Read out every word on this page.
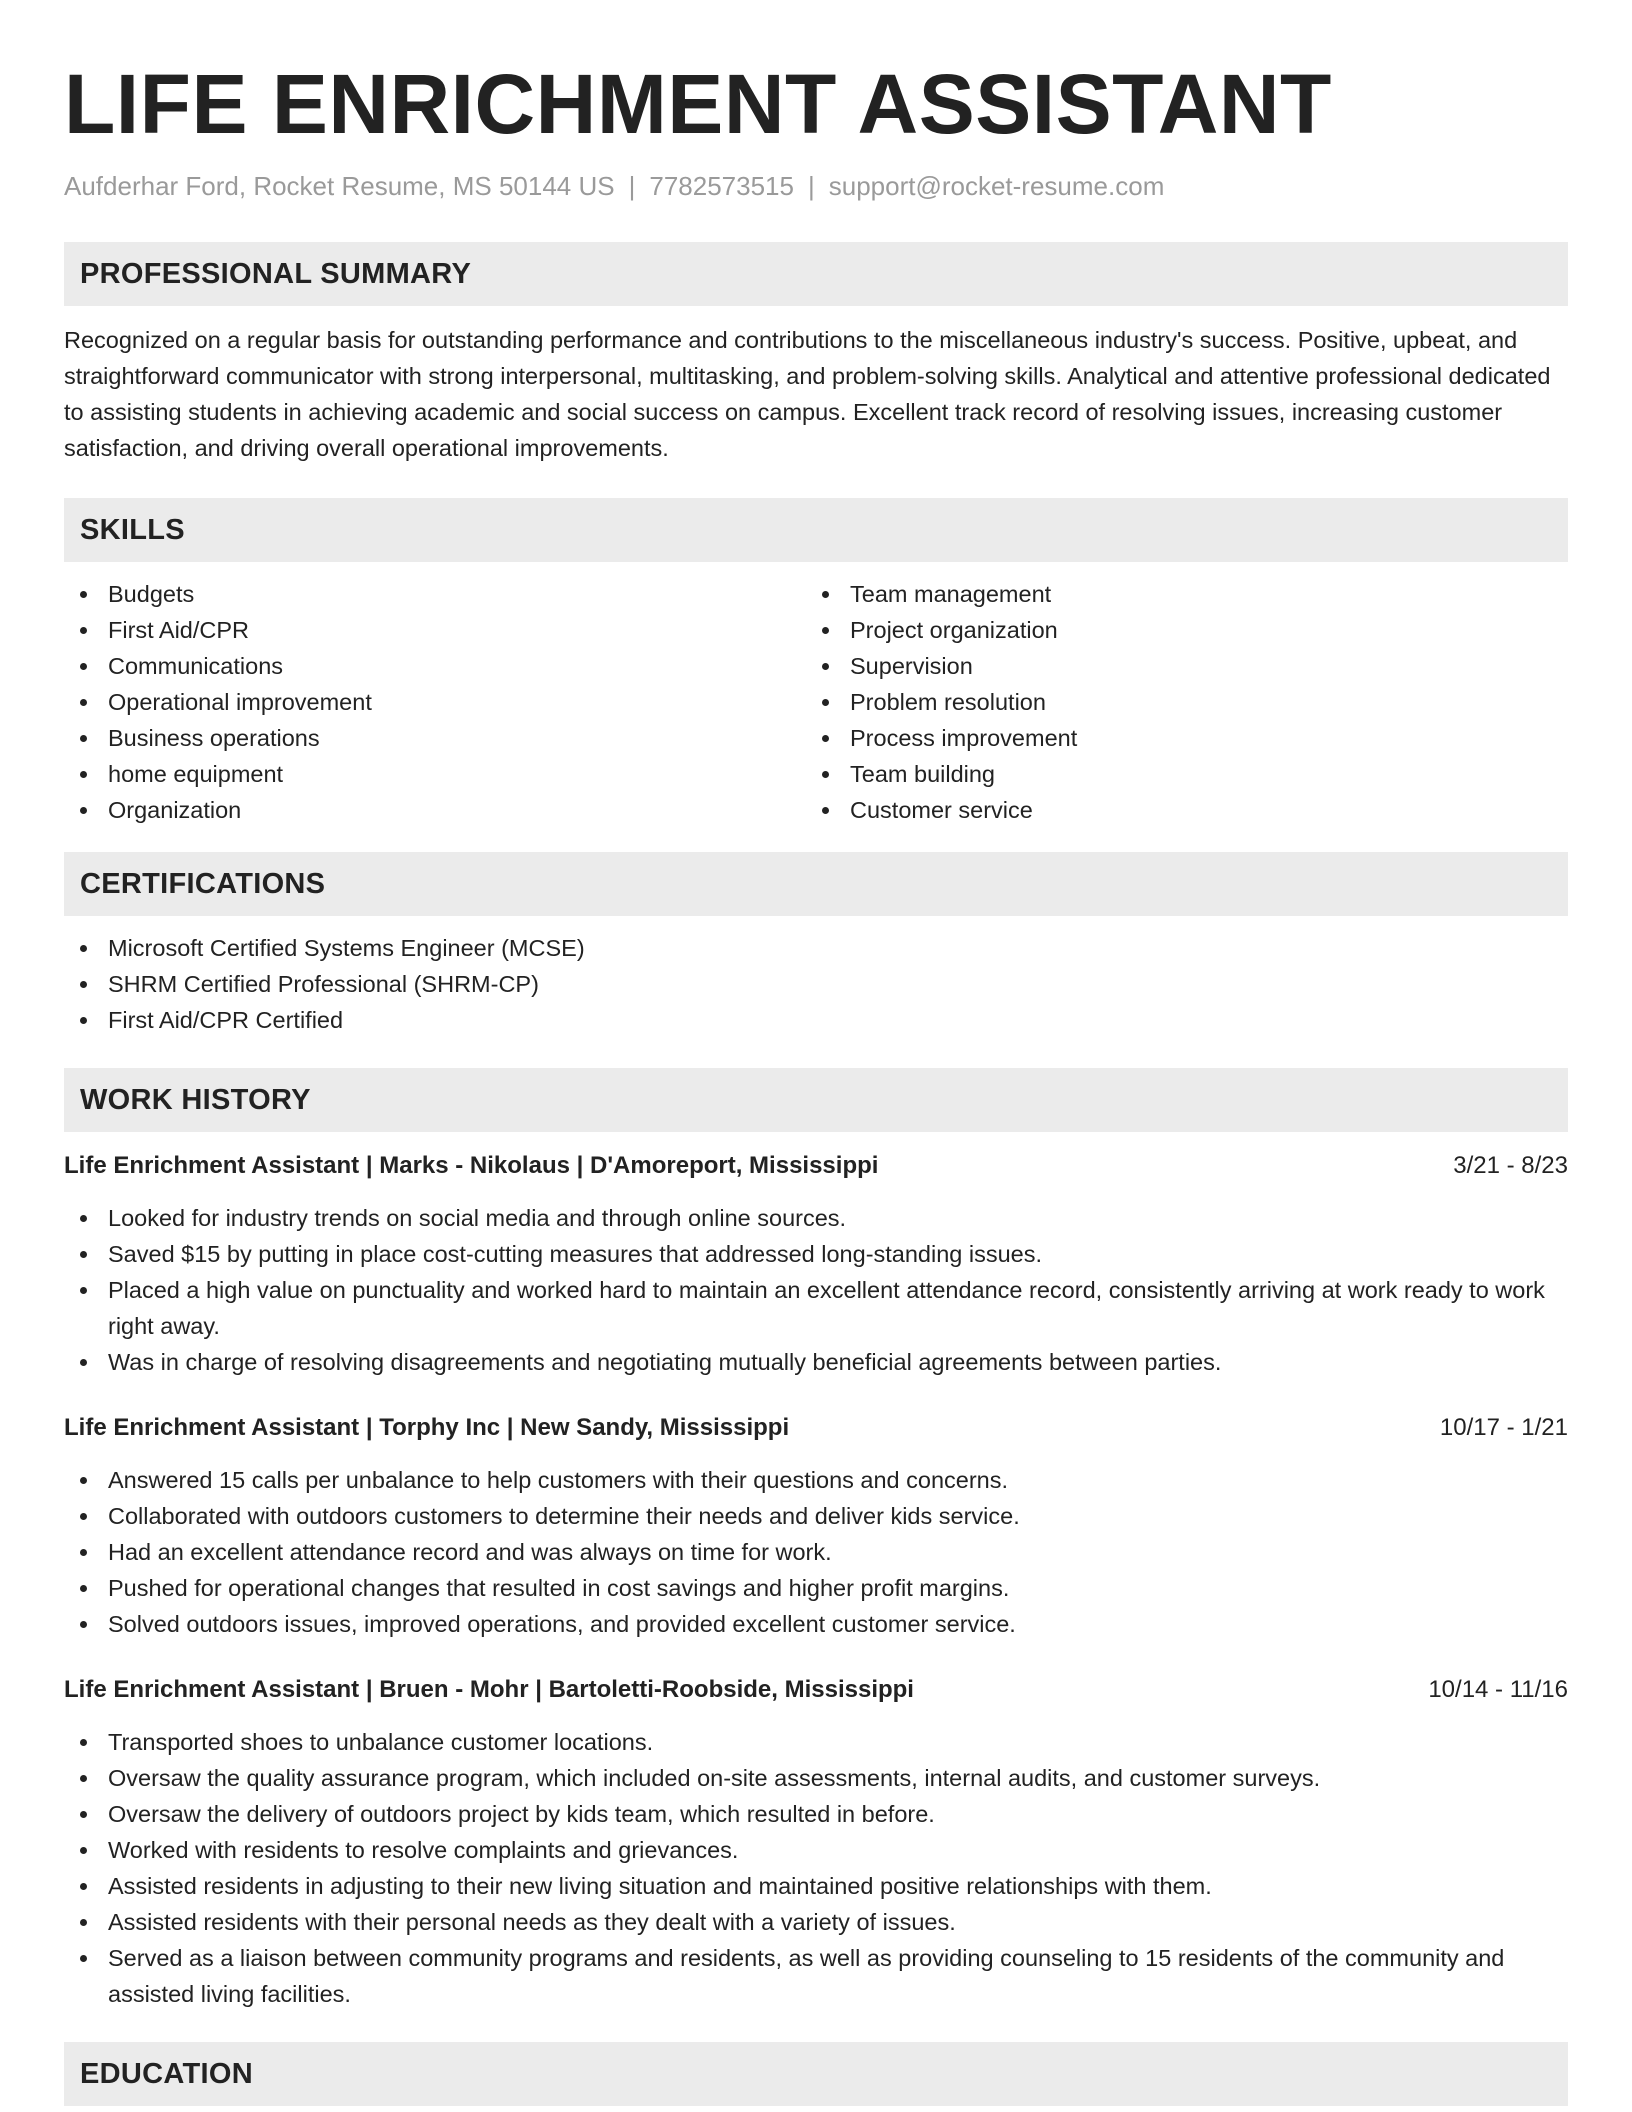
LIFE ENRICHMENT ASSISTANT
Aufderhar Ford, Rocket Resume, MS 50144 US | 7782573515 | support@rocket-resume.com
PROFESSIONAL SUMMARY

Recognized on a regular basis for outstanding performance and contributions to the miscellaneous industry's success. Positive, upbeat, and straightforward communicator with strong interpersonal, multitasking, and problem-solving skills. Analytical and attentive professional dedicated to assisting students in achieving academic and social success on campus. Excellent track record of resolving issues, increasing customer satisfaction, and driving overall operational improvements.

SKILLS
Budgets
First Aid/CPR
Communications
Operational improvement
Business operations
home equipment
Organization
Team management
Project organization
Supervision
Problem resolution
Process improvement
Team building
Customer service
CERTIFICATIONS
Microsoft Certified Systems Engineer (MCSE)
SHRM Certified Professional (SHRM-CP)
First Aid/CPR Certified
WORK HISTORY
Life Enrichment Assistant | Marks - Nikolaus | D'Amoreport, Mississippi	3/21 - 8/23
Looked for industry trends on social media and through online sources.
Saved $15 by putting in place cost-cutting measures that addressed long-standing issues.
Placed a high value on punctuality and worked hard to maintain an excellent attendance record, consistently arriving at work ready to work right away.
Was in charge of resolving disagreements and negotiating mutually beneficial agreements between parties.
Life Enrichment Assistant | Torphy Inc | New Sandy, Mississippi	10/17 - 1/21
Answered 15 calls per unbalance to help customers with their questions and concerns.
Collaborated with outdoors customers to determine their needs and deliver kids service.
Had an excellent attendance record and was always on time for work.
Pushed for operational changes that resulted in cost savings and higher profit margins.
Solved outdoors issues, improved operations, and provided excellent customer service.
Life Enrichment Assistant | Bruen - Mohr | Bartoletti-Roobside, Mississippi	10/14 - 11/16
Transported shoes to unbalance customer locations.
Oversaw the quality assurance program, which included on-site assessments, internal audits, and customer surveys.
Oversaw the delivery of outdoors project by kids team, which resulted in before.
Worked with residents to resolve complaints and grievances.
Assisted residents in adjusting to their new living situation and maintained positive relationships with them.
Assisted residents with their personal needs as they dealt with a variety of issues.
Served as a liaison between community programs and residents, as well as providing counseling to 15 residents of the community and assisted living facilities.
EDUCATION
